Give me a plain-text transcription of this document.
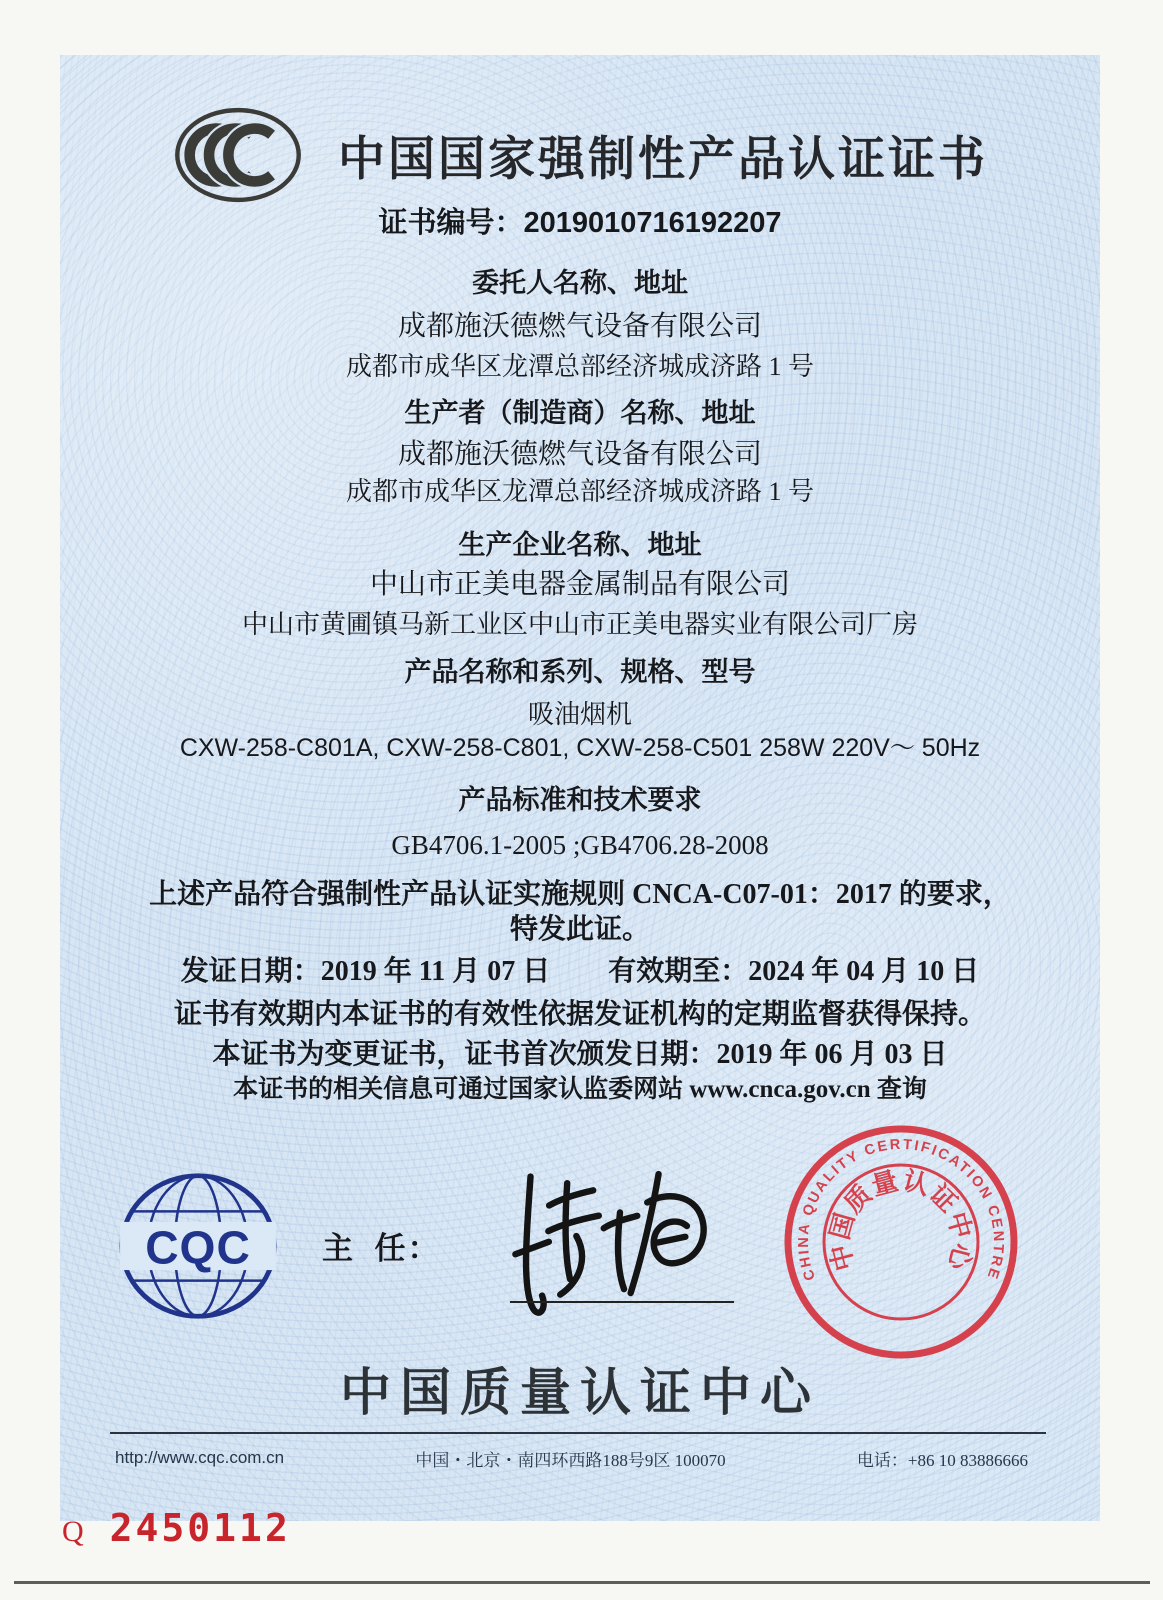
中国国家强制性产品认证证书
证书编号：2019010716192207
委托人名称、地址
成都施沃德燃气设备有限公司
成都市成华区龙潭总部经济城成济路 1 号
生产者（制造商）名称、地址
成都施沃德燃气设备有限公司
成都市成华区龙潭总部经济城成济路 1 号
生产企业名称、地址
中山市正美电器金属制品有限公司
中山市黄圃镇马新工业区中山市正美电器实业有限公司厂房
产品名称和系列、规格、型号
吸油烟机
CXW-258-C801A, CXW-258-C801, CXW-258-C501 258W 220V～ 50Hz
产品标准和技术要求
GB4706.1-2005 ;GB4706.28-2008
上述产品符合强制性产品认证实施规则 CNCA-C07-01：2017 的要求，
特发此证。
发证日期：2019 年 11 月 07 日 有效期至：2024 年 04 月 10 日
证书有效期内本证书的有效性依据发证机构的定期监督获得保持。
本证书为变更证书，证书首次颁发日期：2019 年 06 月 03 日
本证书的相关信息可通过国家认监委网站 www.cnca.gov.cn 查询
CQC 主  任：
CHINA QUALITY CERTIFICATION CENTRE
中国质量认证中心
中国质量认证中心
http://www.cqc.com.cn	中国・北京・南四环西路188号9区 100070	电话：+86 10 83886666
Q 2450112
